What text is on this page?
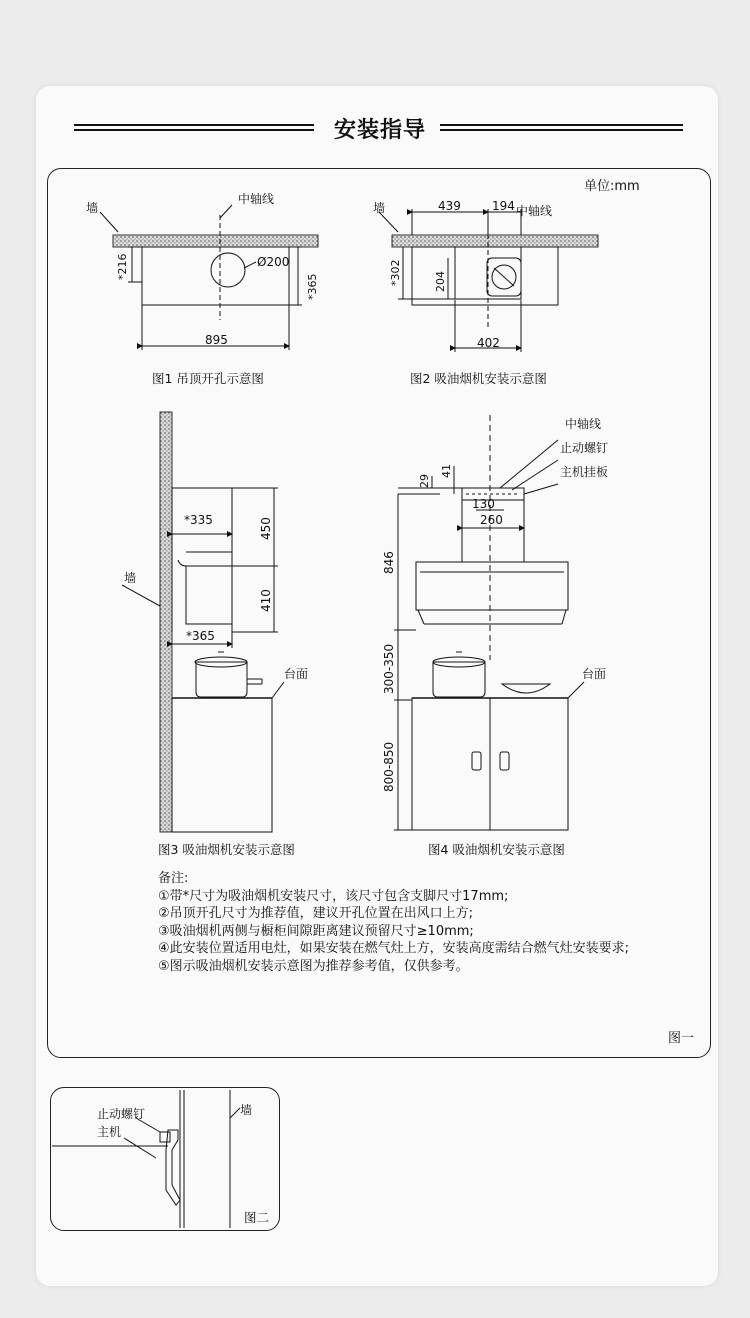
安装指导
单位:mm
墙
中轴线
Ø200
*216
*365
895
墙	中轴线
439	194
*302	204
402
*335	450
410
*365
墙
台面
中轴线
止动螺钉
主机挂板
29
41
130
260
846
300-350
800-850
台面
止动螺钉
主机
墙
图1 吊顶开孔示意图	图2 吸油烟机安装示意图
图3 吸油烟机安装示意图	图4 吸油烟机安装示意图
备注:
①带*尺寸为吸油烟机安装尺寸，该尺寸包含支脚尺寸17mm;
②吊顶开孔尺寸为推荐值，建议开孔位置在出风口上方;
③吸油烟机两侧与橱柜间隙距离建议预留尺寸≥10mm;
④此安装位置适用电灶，如果安装在燃气灶上方，安装高度需结合燃气灶安装要求;
⑤图示吸油烟机安装示意图为推荐参考值，仅供参考。
图一
图二
